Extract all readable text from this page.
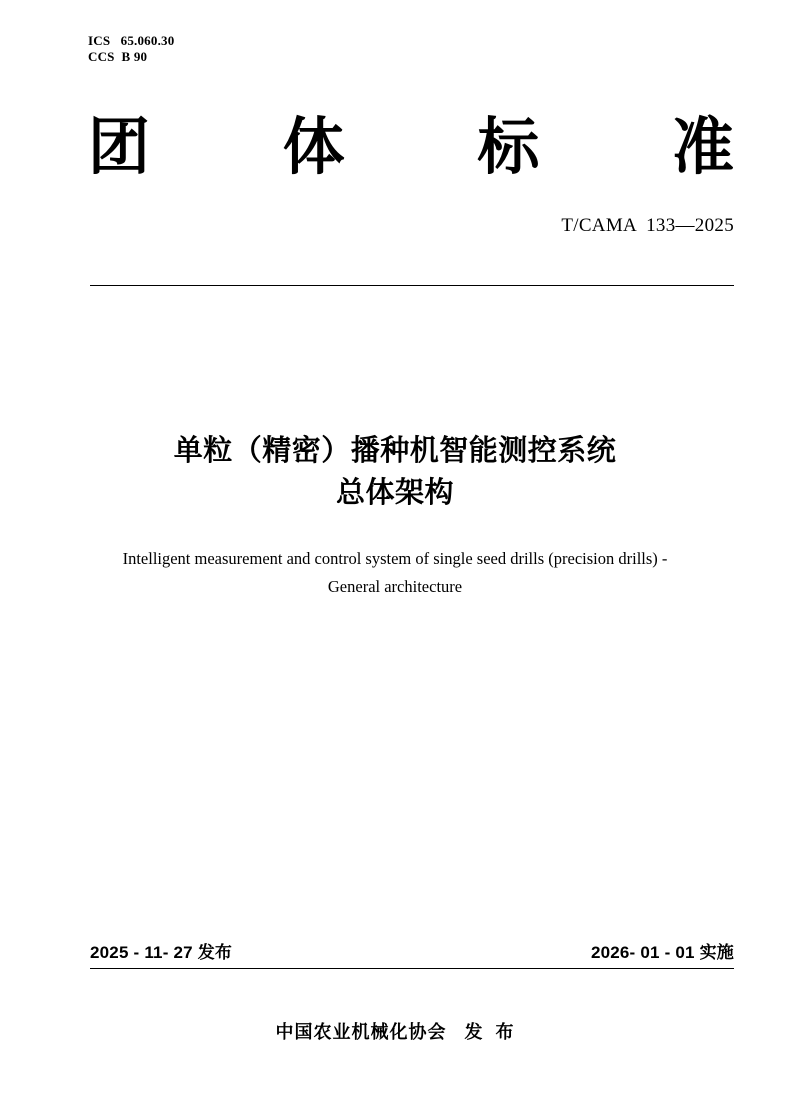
ICS   65.060.30
CCS  B 90
团 体 标 准
T/CAMA  133—2025
单粒（精密）播种机智能测控系统
总体架构
Intelligent measurement and control system of single seed drills (precision drills) -
General architecture
2025 - 11- 27 发布	2026- 01 - 01 实施
中国农业机械化协会   发  布
